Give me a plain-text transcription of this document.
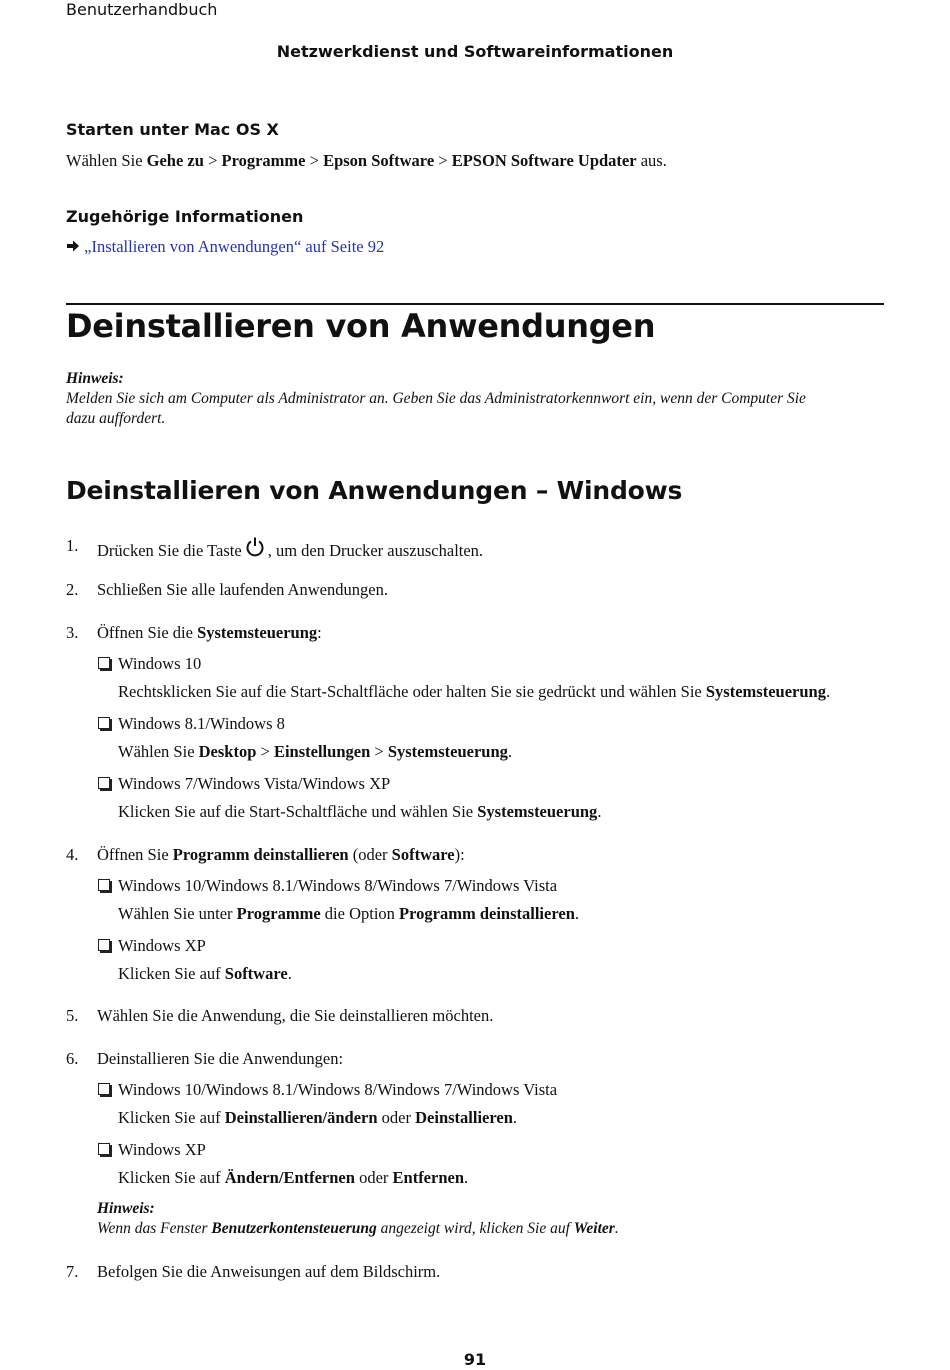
Benutzerhandbuch
Netzwerkdienst und Softwareinformationen
Starten unter Mac OS X
Wählen Sie Gehe zu > Programme > Epson Software > EPSON Software Updater aus.
Zugehörige Informationen
„Installieren von Anwendungen“ auf Seite 92
Deinstallieren von Anwendungen
Hinweis:
Melden Sie sich am Computer als Administrator an. Geben Sie das Administratorkennwort ein, wenn der Computer Sie
dazu auffordert.
Deinstallieren von Anwendungen – Windows
1. Drücken Sie die Taste , um den Drucker auszuschalten.
2. Schließen Sie alle laufenden Anwendungen.
3. Öffnen Sie die Systemsteuerung:
Windows 10
Rechtsklicken Sie auf die Start-Schaltfläche oder halten Sie sie gedrückt und wählen Sie Systemsteuerung.
Windows 8.1/Windows 8
Wählen Sie Desktop > Einstellungen > Systemsteuerung.
Windows 7/Windows Vista/Windows XP
Klicken Sie auf die Start-Schaltfläche und wählen Sie Systemsteuerung.
4. Öffnen Sie Programm deinstallieren (oder Software):
Windows 10/Windows 8.1/Windows 8/Windows 7/Windows Vista
Wählen Sie unter Programme die Option Programm deinstallieren.
Windows XP
Klicken Sie auf Software.
5. Wählen Sie die Anwendung, die Sie deinstallieren möchten.
6. Deinstallieren Sie die Anwendungen:
Windows 10/Windows 8.1/Windows 8/Windows 7/Windows Vista
Klicken Sie auf Deinstallieren/ändern oder Deinstallieren.
Windows XP
Klicken Sie auf Ändern/Entfernen oder Entfernen.
Hinweis:
Wenn das Fenster Benutzerkontensteuerung angezeigt wird, klicken Sie auf Weiter.
7. Befolgen Sie die Anweisungen auf dem Bildschirm.
91
